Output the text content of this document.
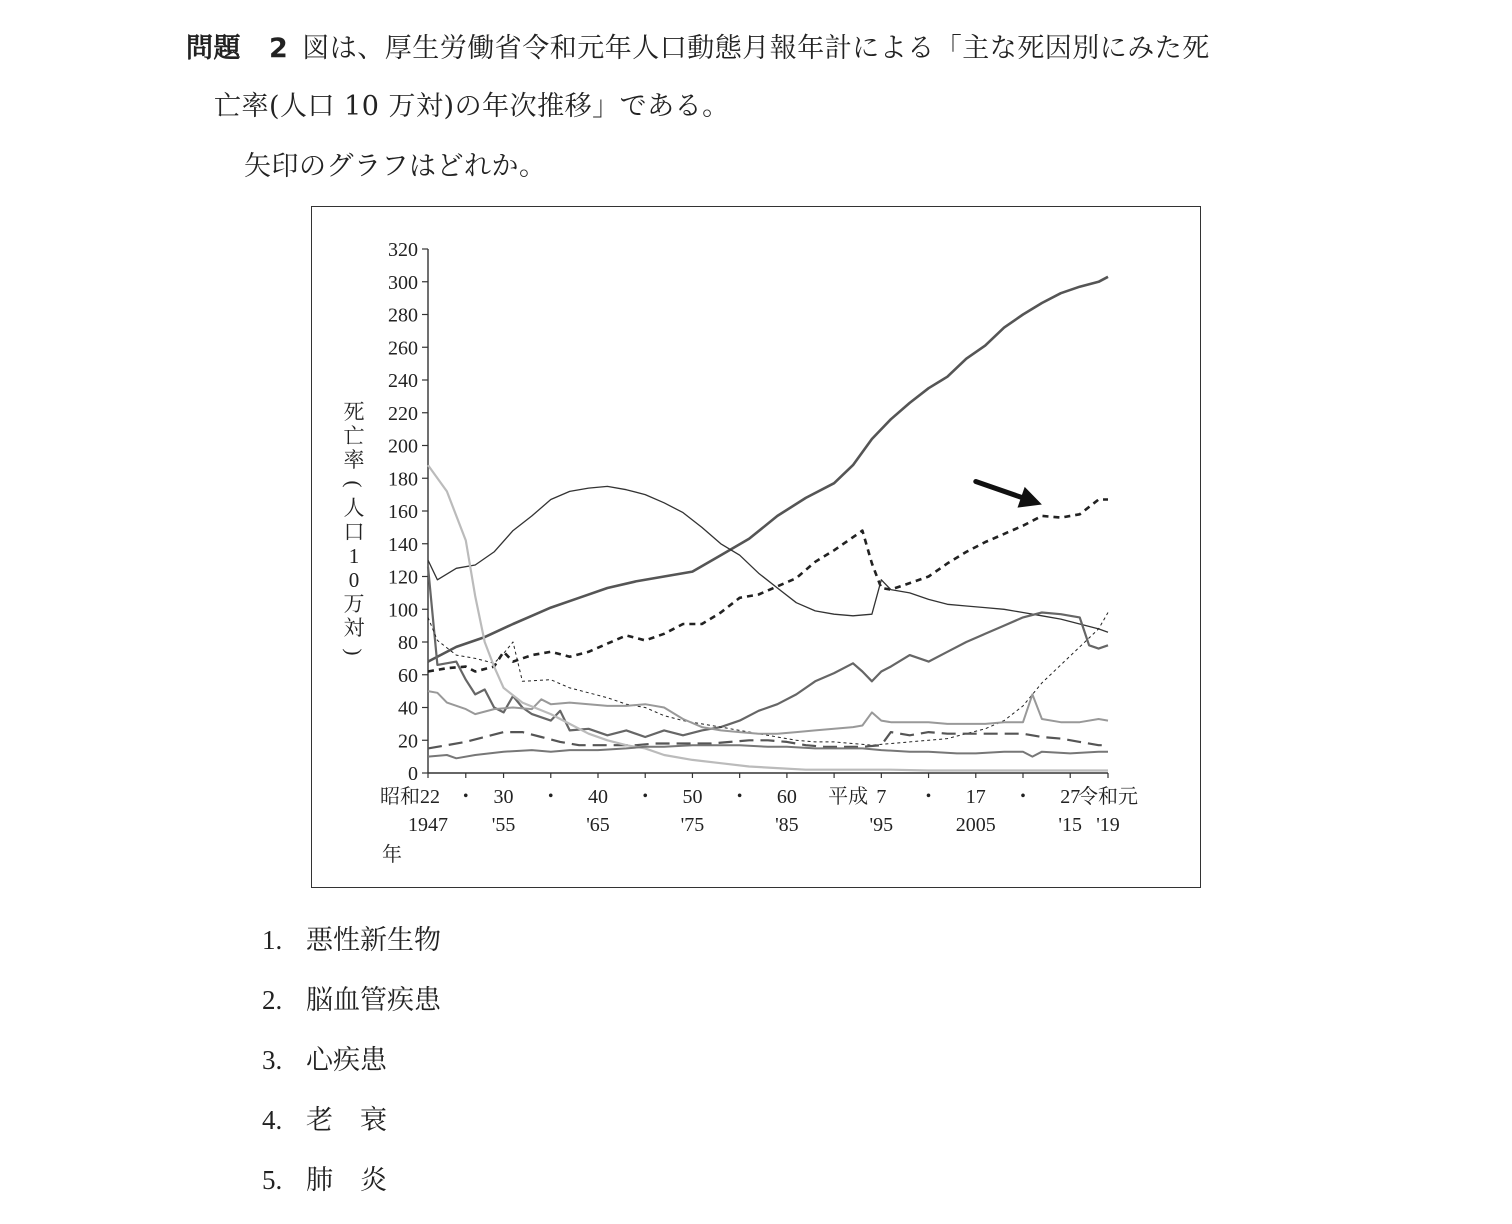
問題 2 図は、厚生労働省令和元年人口動態月報年計による「主な死因別にみた死
亡率(人口 10 万対)の年次推移」である。
矢印のグラフはどれか。
0
20
40
60
80
100
120
140
160
180
200
220
240
260
280
300
320
死
亡
率
(
人
口
1
0
万
対
)
昭和22
1947
・ 30
'55
・ 40
'65
・ 50
'75
・ 60
'85
平成 7
'95
・ 17
2005
・ 27
'15
令和元
'19
年
1. 悪性新生物
2. 脳血管疾患
3. 心疾患
4. 老　衰
5. 肺　炎
